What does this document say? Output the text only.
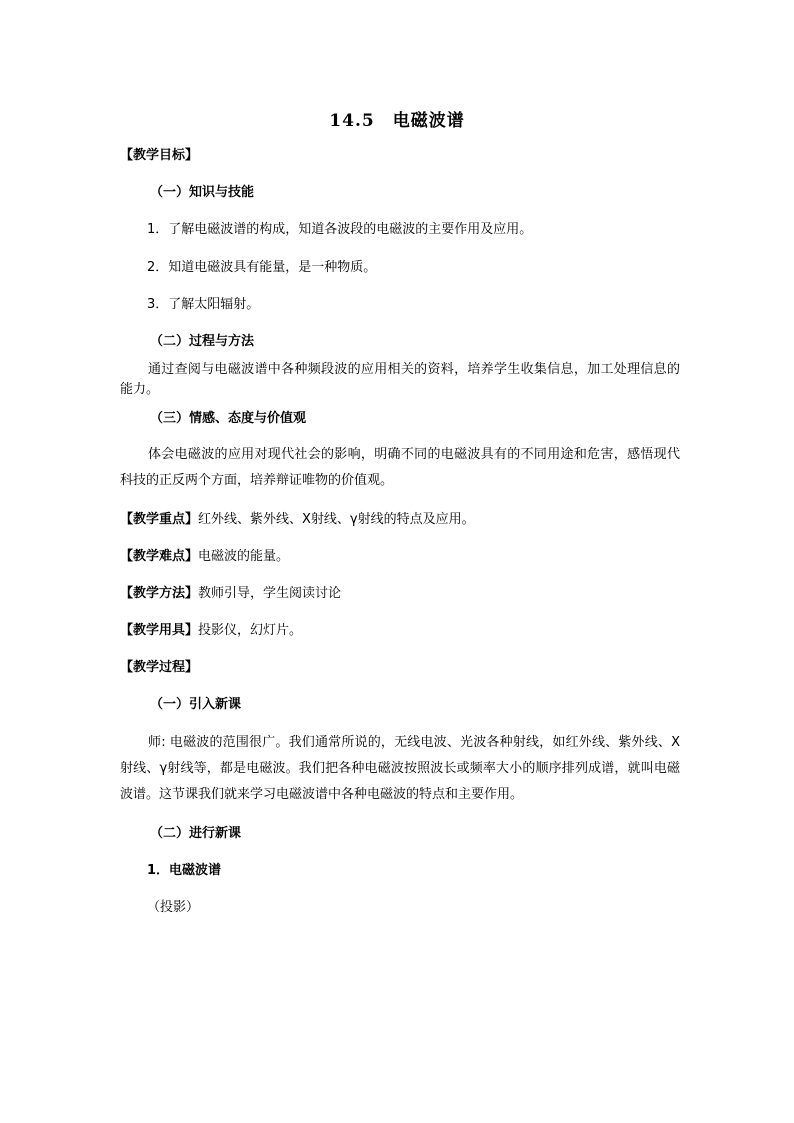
14.5　电磁波谱
【教学目标】
（一）知识与技能
1．了解电磁波谱的构成，知道各波段的电磁波的主要作用及应用。
2．知道电磁波具有能量，是一种物质。
3．了解太阳辐射。
（二）过程与方法
通过查阅与电磁波谱中各种频段波的应用相关的资料，培养学生收集信息，加工处理信息的能力。
（三）情感、态度与价值观
体会电磁波的应用对现代社会的影响，明确不同的电磁波具有的不同用途和危害，感悟现代科技的正反两个方面，培养辩证唯物的价值观。
【教学重点】红外线、紫外线、X射线、γ射线的特点及应用。
【教学难点】电磁波的能量。
【教学方法】教师引导，学生阅读讨论
【教学用具】投影仪，幻灯片。
【教学过程】
（一）引入新课
师: 电磁波的范围很广。我们通常所说的，无线电波、光波各种射线，如红外线、紫外线、X射线、γ射线等，都是电磁波。我们把各种电磁波按照波长或频率大小的顺序排列成谱，就叫电磁波谱。这节课我们就来学习电磁波谱中各种电磁波的特点和主要作用。
（二）进行新课
1．电磁波谱
（投影）
